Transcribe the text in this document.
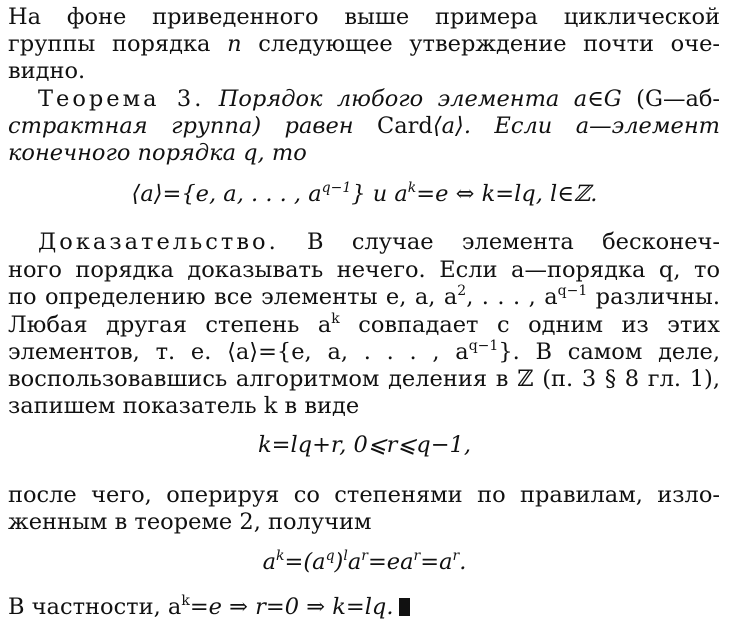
На фоне приведенного выше примера циклической
группы порядка n следующее утверждение почти оче-
видно.
Теорема 3. Порядок любого элемента a∈G (G—аб-
страктная группа) равен Card⟨a⟩. Если a—элемент
конечного порядка q, то
⟨a⟩={e, a, . . . , $a^{q-1}$} и $a^k=e$ ⇔ k=lq, l∈ℤ.
Доказательство. В случае элемента бесконеч-
ного порядка доказывать нечего. Если a—порядка q, то
по определению все элементы e, a, $a^2$, . . . , $a^{q-1}$ различны.
Любая другая степень $a^k$ совпадает с одним из этих
элементов, т. е. ⟨a⟩={e, a, . . . , $a^{q-1}$}. В самом деле,
воспользовавшись алгоритмом деления в ℤ (п. 3 § 8 гл. 1),
запишем показатель k в виде
k=lq+r, 0⩽r⩽q−1,
после чего, оперируя со степенями по правилам, изло-
женным в теореме 2, получим
$a^k=(a^q)^la^r=ea^r=a^r$.
В частности, $a^k=e$ ⇒ r=0 ⇒ k=lq.
